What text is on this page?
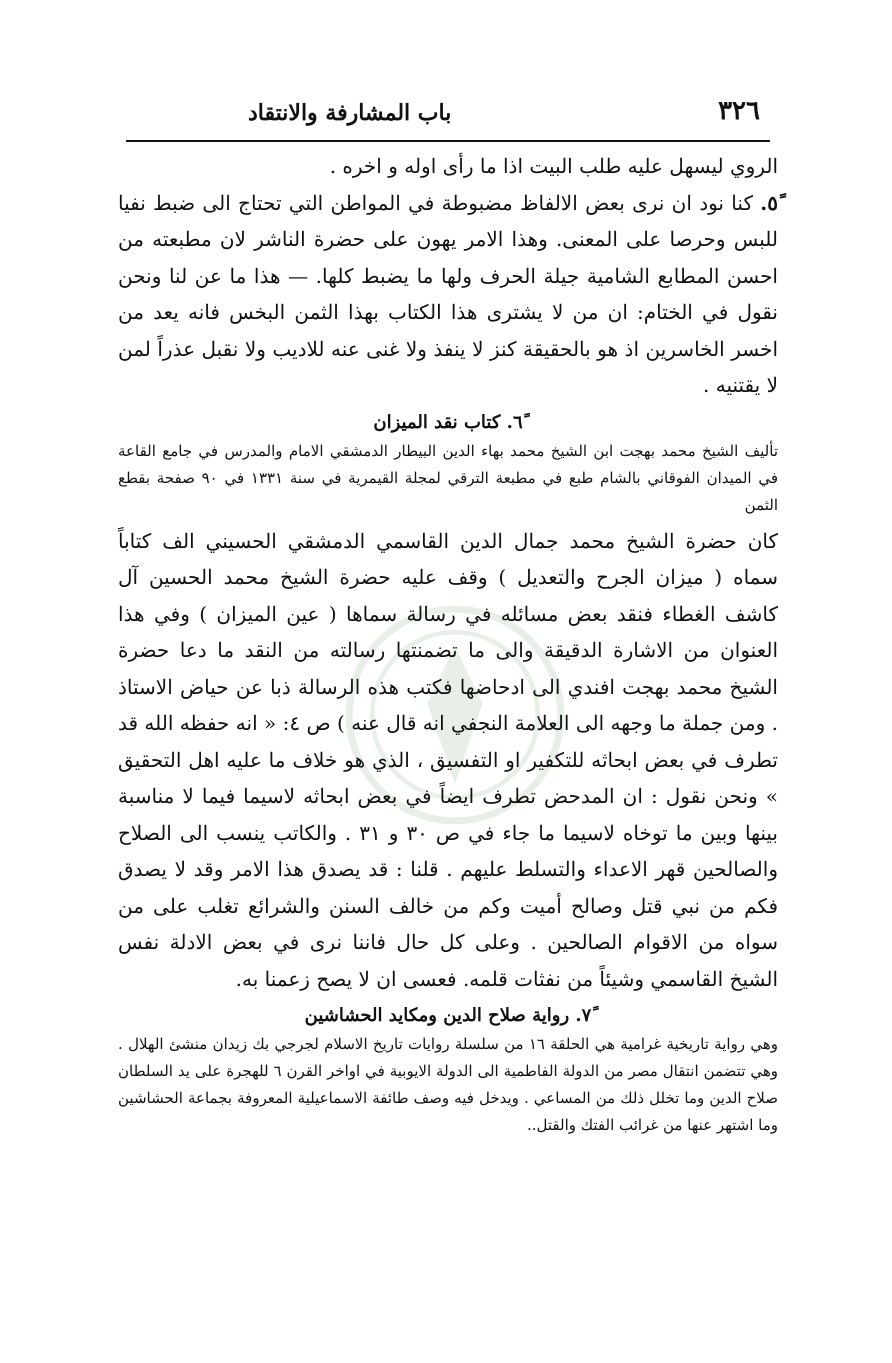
٣٢٦
باب المشارفة والانتقاد

الروي ليسهل عليه طلب البيت اذا ما رأى اوله و اخره .

٥ً. كنا نود ان نرى بعض الالفاظ مضبوطة في المواطن التي تحتاج الى ضبط نفيا للبس وحرصا على المعنى. وهذا الامر يهون على حضرة الناشر لان مطبعته من احسن المطابع الشامية جيلة الحرف ولها ما يضبط كلها. — هذا ما عن لنا ونحن نقول في الختام: ان من لا يشترى هذا الكتاب بهذا الثمن البخس فانه يعد من اخسر الخاسرين اذ هو بالحقيقة كنز لا ينفذ ولا غنى عنه للاديب ولا نقبل عذراً لمن لا يقتنيه .

٦ً. كتاب نقد الميزان

تأليف الشيخ محمد بهجت ابن الشيخ محمد بهاء الدين البيطار الدمشقي الامام والمدرس في جامع القاعة في الميدان الفوقاني بالشام طبع في مطبعة الترقي لمجلة القيمرية في سنة ١٣٣١ في ٩٠ صفحة بقطع الثمن

كان حضرة الشيخ محمد جمال الدين القاسمي الدمشقي الحسيني الف كتاباً سماه ( ميزان الجرح والتعديل ) وقف عليه حضرة الشيخ محمد الحسين آل كاشف الغطاء فنقد بعض مسائله في رسالة سماها ( عين الميزان ) وفي هذا العنوان من الاشارة الدقيقة والى ما تضمنتها رسالته من النقد ما دعا حضرة الشيخ محمد بهجت افندي الى ادحاضها فكتب هذه الرسالة ذبا عن حياض الاستاذ . ومن جملة ما وجهه الى العلامة النجفي انه قال عنه ) ص ٤: « انه حفظه الله قد تطرف في بعض ابحاثه للتكفير او التفسيق ، الذي هو خلاف ما عليه اهل التحقيق » ونحن نقول : ان المدحض تطرف ايضاً في بعض ابحاثه لاسيما فيما لا مناسبة بينها وبين ما توخاه لاسيما ما جاء في ص ٣٠ و ٣١ . والكاتب ينسب الى الصلاح والصالحين قهر الاعداء والتسلط عليهم . قلنا : قد يصدق هذا الامر وقد لا يصدق فكم من نبي قتل وصالح أميت وكم من خالف السنن والشرائع تغلب على من سواه من الاقوام الصالحين . وعلى كل حال فاننا نرى في بعض الادلة نفس الشيخ القاسمي وشيئاً من نفثات قلمه. فعسى ان لا يصح زعمنا به.

٧ً. رواية صلاح الدين ومكايد الحشاشين

وهي رواية تاريخية غرامية هي الحلقة ١٦ من سلسلة روايات تاريخ الاسلام لجرجي بك زيدان منشئ الهلال . وهي تتضمن انتقال مصر من الدولة الفاطمية الى الدولة الايوبية في اواخر القرن ٦ للهجرة على يد السلطان صلاح الدين وما تخلل ذلك من المساعي . ويدخل فيه وصف طائفة الاسماعيلية المعروفة بجماعة الحشاشين وما اشتهر عنها من غرائب الفتك والقتل..
